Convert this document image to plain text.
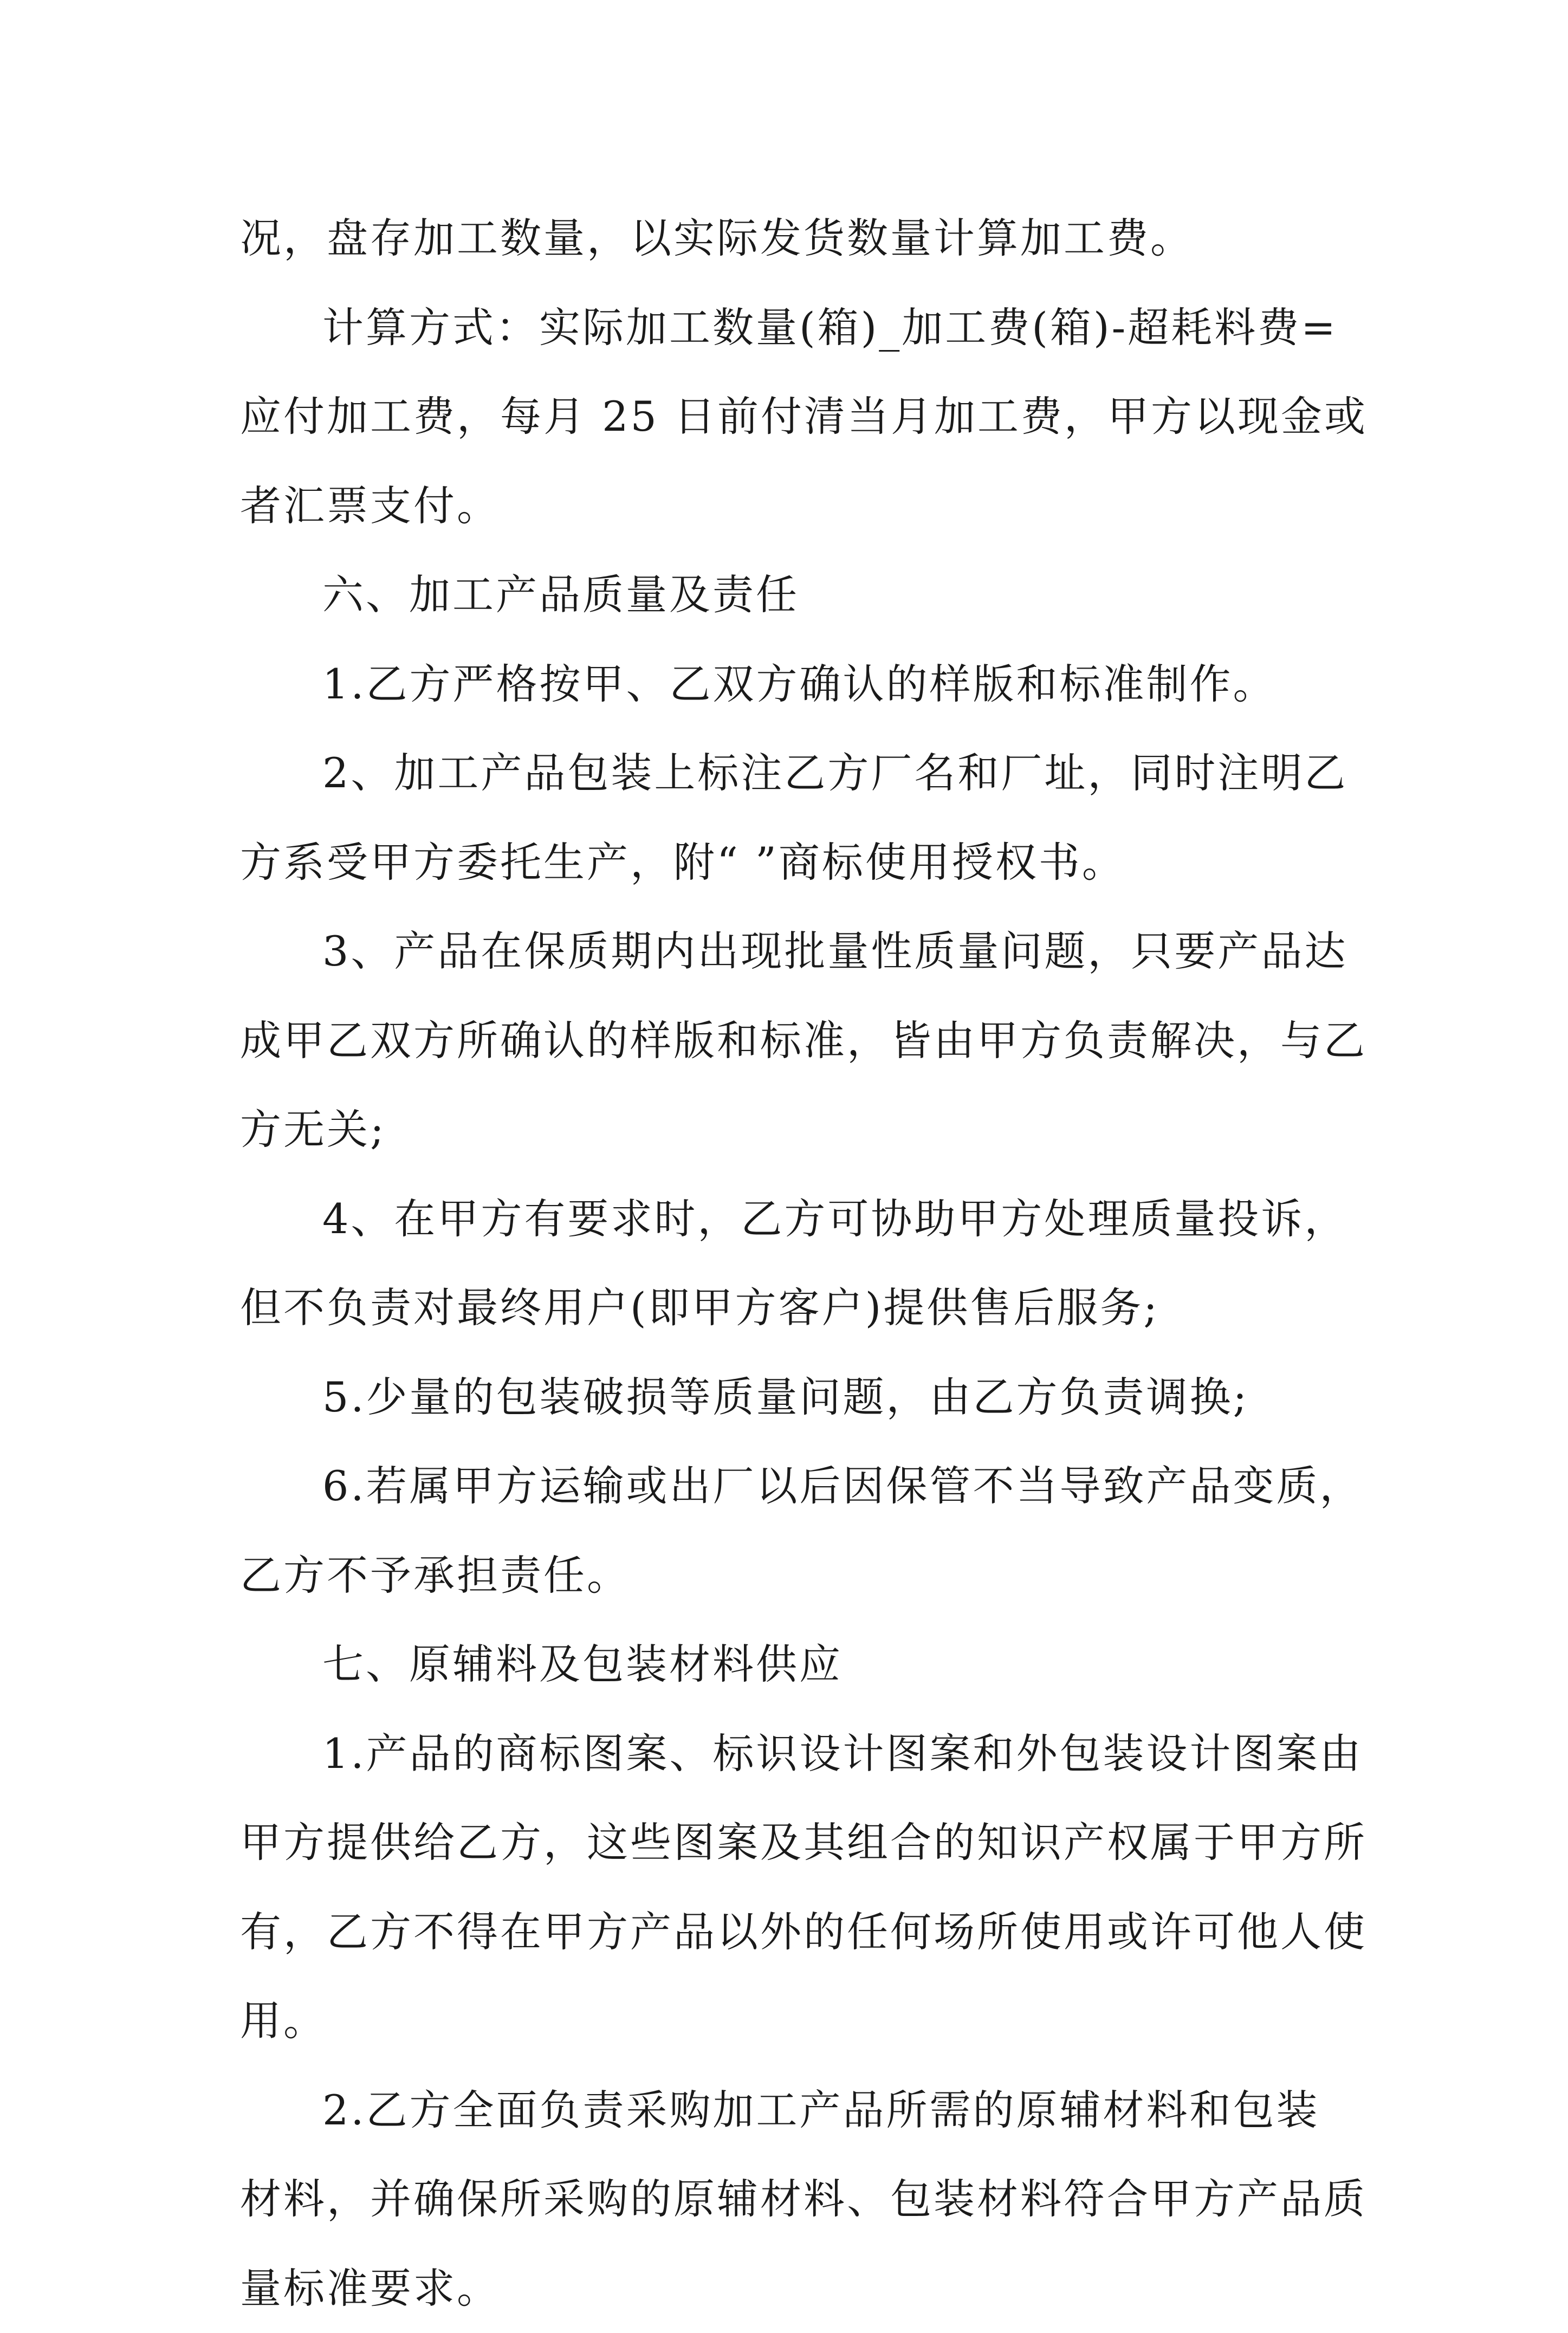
况，盘存加工数量，以实际发货数量计算加工费。

计算方式：实际加工数量(箱)_加工费(箱)-超耗料费=

应付加工费，每月 25 日前付清当月加工费，甲方以现金或

者汇票支付。

六、加工产品质量及责任

1.乙方严格按甲、乙双方确认的样版和标准制作。

2、加工产品包装上标注乙方厂名和厂址，同时注明乙

方系受甲方委托生产，附“ ”商标使用授权书。

3、产品在保质期内出现批量性质量问题，只要产品达

成甲乙双方所确认的样版和标准，皆由甲方负责解决，与乙

方无关;

4、在甲方有要求时，乙方可协助甲方处理质量投诉，

但不负责对最终用户(即甲方客户)提供售后服务;

5.少量的包装破损等质量问题，由乙方负责调换;

6.若属甲方运输或出厂以后因保管不当导致产品变质，

乙方不予承担责任。

七、原辅料及包装材料供应

1.产品的商标图案、标识设计图案和外包装设计图案由

甲方提供给乙方，这些图案及其组合的知识产权属于甲方所

有，乙方不得在甲方产品以外的任何场所使用或许可他人使

用。

2.乙方全面负责采购加工产品所需的原辅材料和包装

材料，并确保所采购的原辅材料、包装材料符合甲方产品质

量标准要求。
